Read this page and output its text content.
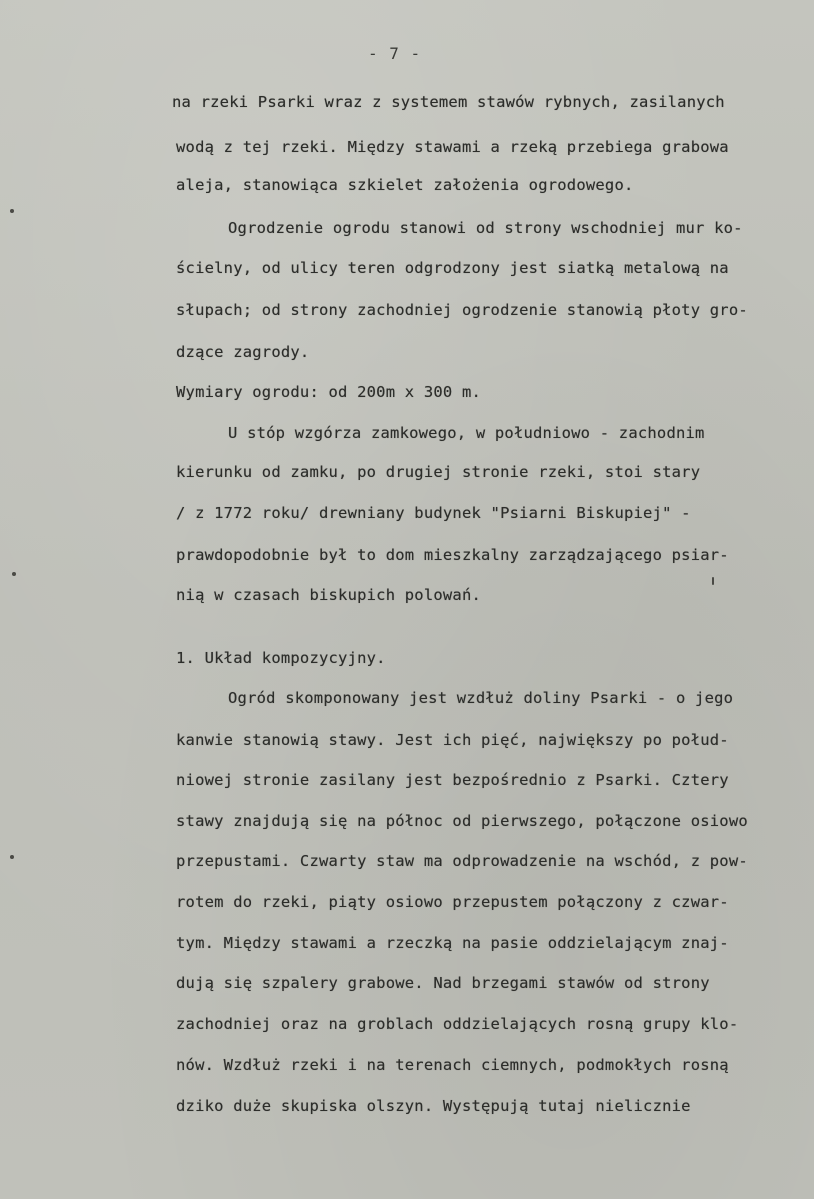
- 7 -
na rzeki Psarki wraz z systemem stawów rybnych, zasilanych
wodą z tej rzeki. Między stawami a rzeką przebiega grabowa
aleja, stanowiąca szkielet założenia ogrodowego.
Ogrodzenie ogrodu stanowi od strony wschodniej mur ko-
ścielny, od ulicy teren odgrodzony jest siatką metalową na
słupach; od strony zachodniej ogrodzenie stanowią płoty gro-
dzące zagrody.
Wymiary ogrodu: od 200m x 300 m.
U stóp wzgórza zamkowego, w południowo - zachodnim
kierunku od zamku, po drugiej stronie rzeki, stoi stary
/ z 1772 roku/ drewniany budynek "Psiarni Biskupiej" -
prawdopodobnie był to dom mieszkalny zarządzającego psiar-
nią w czasach biskupich polowań.
1. Układ kompozycyjny.
Ogród skomponowany jest wzdłuż doliny Psarki - o jego
kanwie stanowią stawy. Jest ich pięć, największy po połud-
niowej stronie zasilany jest bezpośrednio z Psarki. Cztery
stawy znajdują się na północ od pierwszego, połączone osiowo
przepustami. Czwarty staw ma odprowadzenie na wschód, z pow-
rotem do rzeki, piąty osiowo przepustem połączony z czwar-
tym. Między stawami a rzeczką na pasie oddzielającym znaj-
dują się szpalery grabowe. Nad brzegami stawów od strony
zachodniej oraz na groblach oddzielających rosną grupy klo-
nów. Wzdłuż rzeki i na terenach ciemnych, podmokłych rosną
dziko duże skupiska olszyn. Występują tutaj nielicznie
